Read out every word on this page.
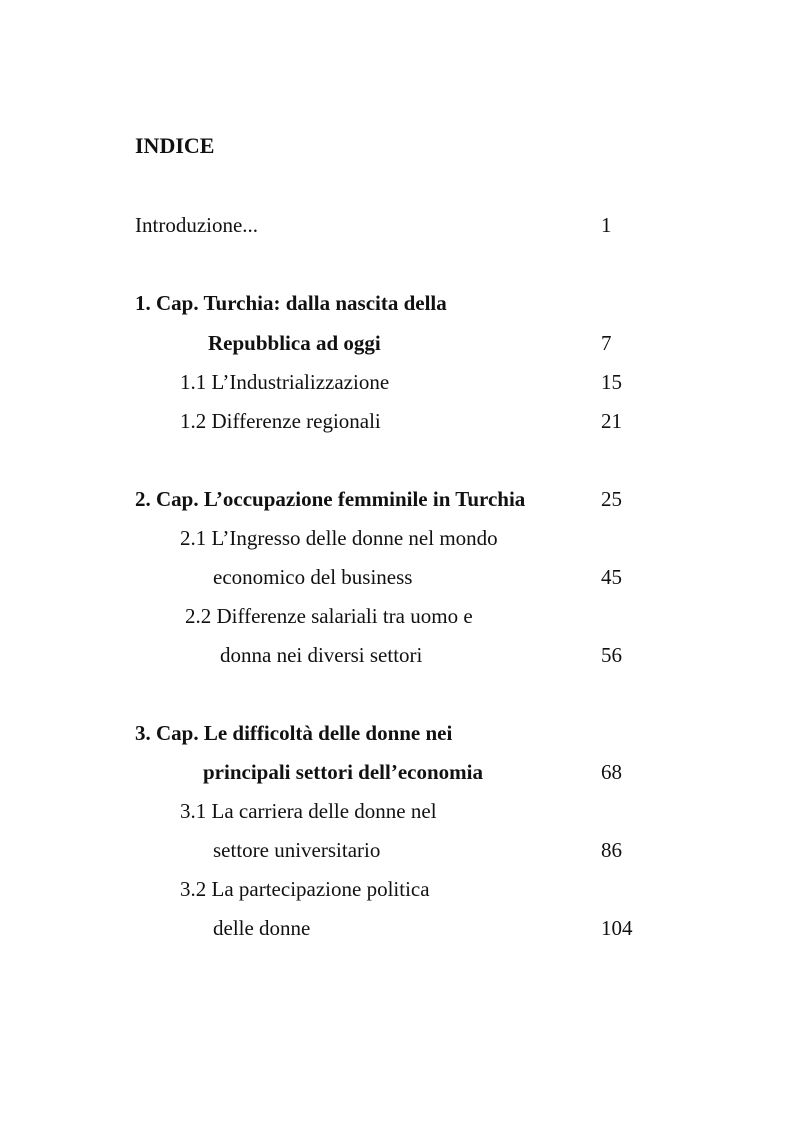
INDICE
Introduzione...	1
1. Cap. Turchia: dalla nascita della
Repubblica ad oggi	7
1.1 L’Industrializzazione	15
1.2 Differenze regionali	21
2. Cap. L’occupazione femminile in Turchia	25
2.1 L’Ingresso delle donne nel mondo
economico del business	45
2.2 Differenze salariali tra uomo e
donna nei diversi settori	56
3. Cap. Le difficoltà delle donne nei
principali settori dell’economia	68
3.1 La carriera delle donne nel
settore universitario	86
3.2 La partecipazione politica
delle donne	104
